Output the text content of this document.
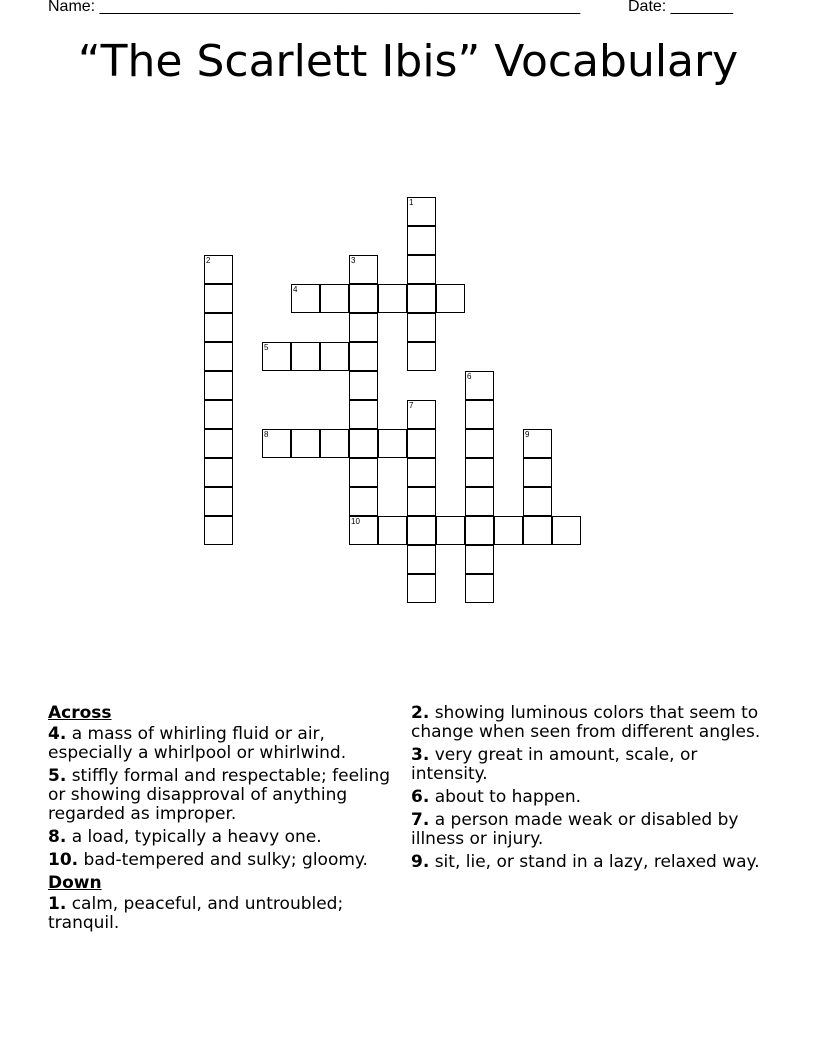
Name: ______________________________________________________	Date: _______
“The Scarlett Ibis” Vocabulary
1
2	3
4
5
6
7
8	9
10
Across
4. a mass of whirling fluid or air, especially a whirlpool or whirlwind.
5. stiffly formal and respectable; feeling or showing disapproval of anything regarded as improper.
8. a load, typically a heavy one.
10. bad-tempered and sulky; gloomy.
Down
1. calm, peaceful, and untroubled; tranquil.
2. showing luminous colors that seem to change when seen from different angles.
3. very great in amount, scale, or intensity.
6. about to happen.
7. a person made weak or disabled by illness or injury.
9. sit, lie, or stand in a lazy, relaxed way.
